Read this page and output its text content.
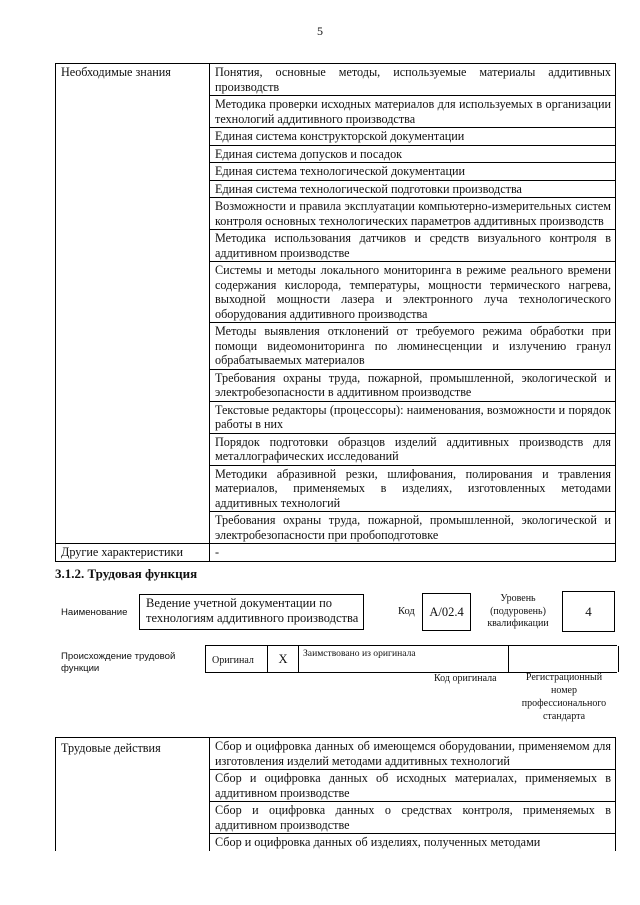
5
Необходимые знания	Понятия, основные методы, используемые материалы аддитивных производств
	Методика проверки исходных материалов для используемых в организации технологий аддитивного производства
	Единая система конструкторской документации
	Единая система допусков и посадок
	Единая система технологической документации
	Единая система технологической подготовки производства
	Возможности и правила эксплуатации компьютерно-измерительных систем контроля основных технологических параметров аддитивных производств
	Методика использования датчиков и средств визуального контроля в аддитивном производстве
	Системы и методы локального мониторинга в режиме реального времени содержания кислорода, температуры, мощности термического нагрева, выходной мощности лазера и электронного луча технологического оборудования аддитивного производства
	Методы выявления отклонений от требуемого режима обработки при помощи видеомониторинга по люминесценции и излучению гранул обрабатываемых материалов
	Требования охраны труда, пожарной, промышленной, экологической и электробезопасности в аддитивном производстве
	Текстовые редакторы (процессоры): наименования, возможности и порядок работы в них
	Порядок подготовки образцов изделий аддитивных производств для металлографических исследований
	Методики абразивной резки, шлифования, полирования и травления материалов, применяемых в изделиях, изготовленных методами аддитивных технологий
	Требования охраны труда, пожарной, промышленной, экологической и электробезопасности при пробоподготовке
Другие характеристики	-
3.1.2. Трудовая функция
Наименование
Ведение учетной документации по технологиям аддитивного производства	Код	A/02.4
Уровень (подуровень) квалификации
4
Происхождение трудовой функции
Оригинал	X	Заимствовано из оригинала
Код оригинала	Регистрационный номер профессионального стандарта
Трудовые действия	Сбор и оцифровка данных об имеющемся оборудовании, применяемом для изготовления изделий методами аддитивных технологий
Сбор и оцифровка данных об исходных материалах, применяемых в аддитивном производстве
Сбор и оцифровка данных о средствах контроля, применяемых в аддитивном производстве
Сбор и оцифровка данных об изделиях, полученных методами
